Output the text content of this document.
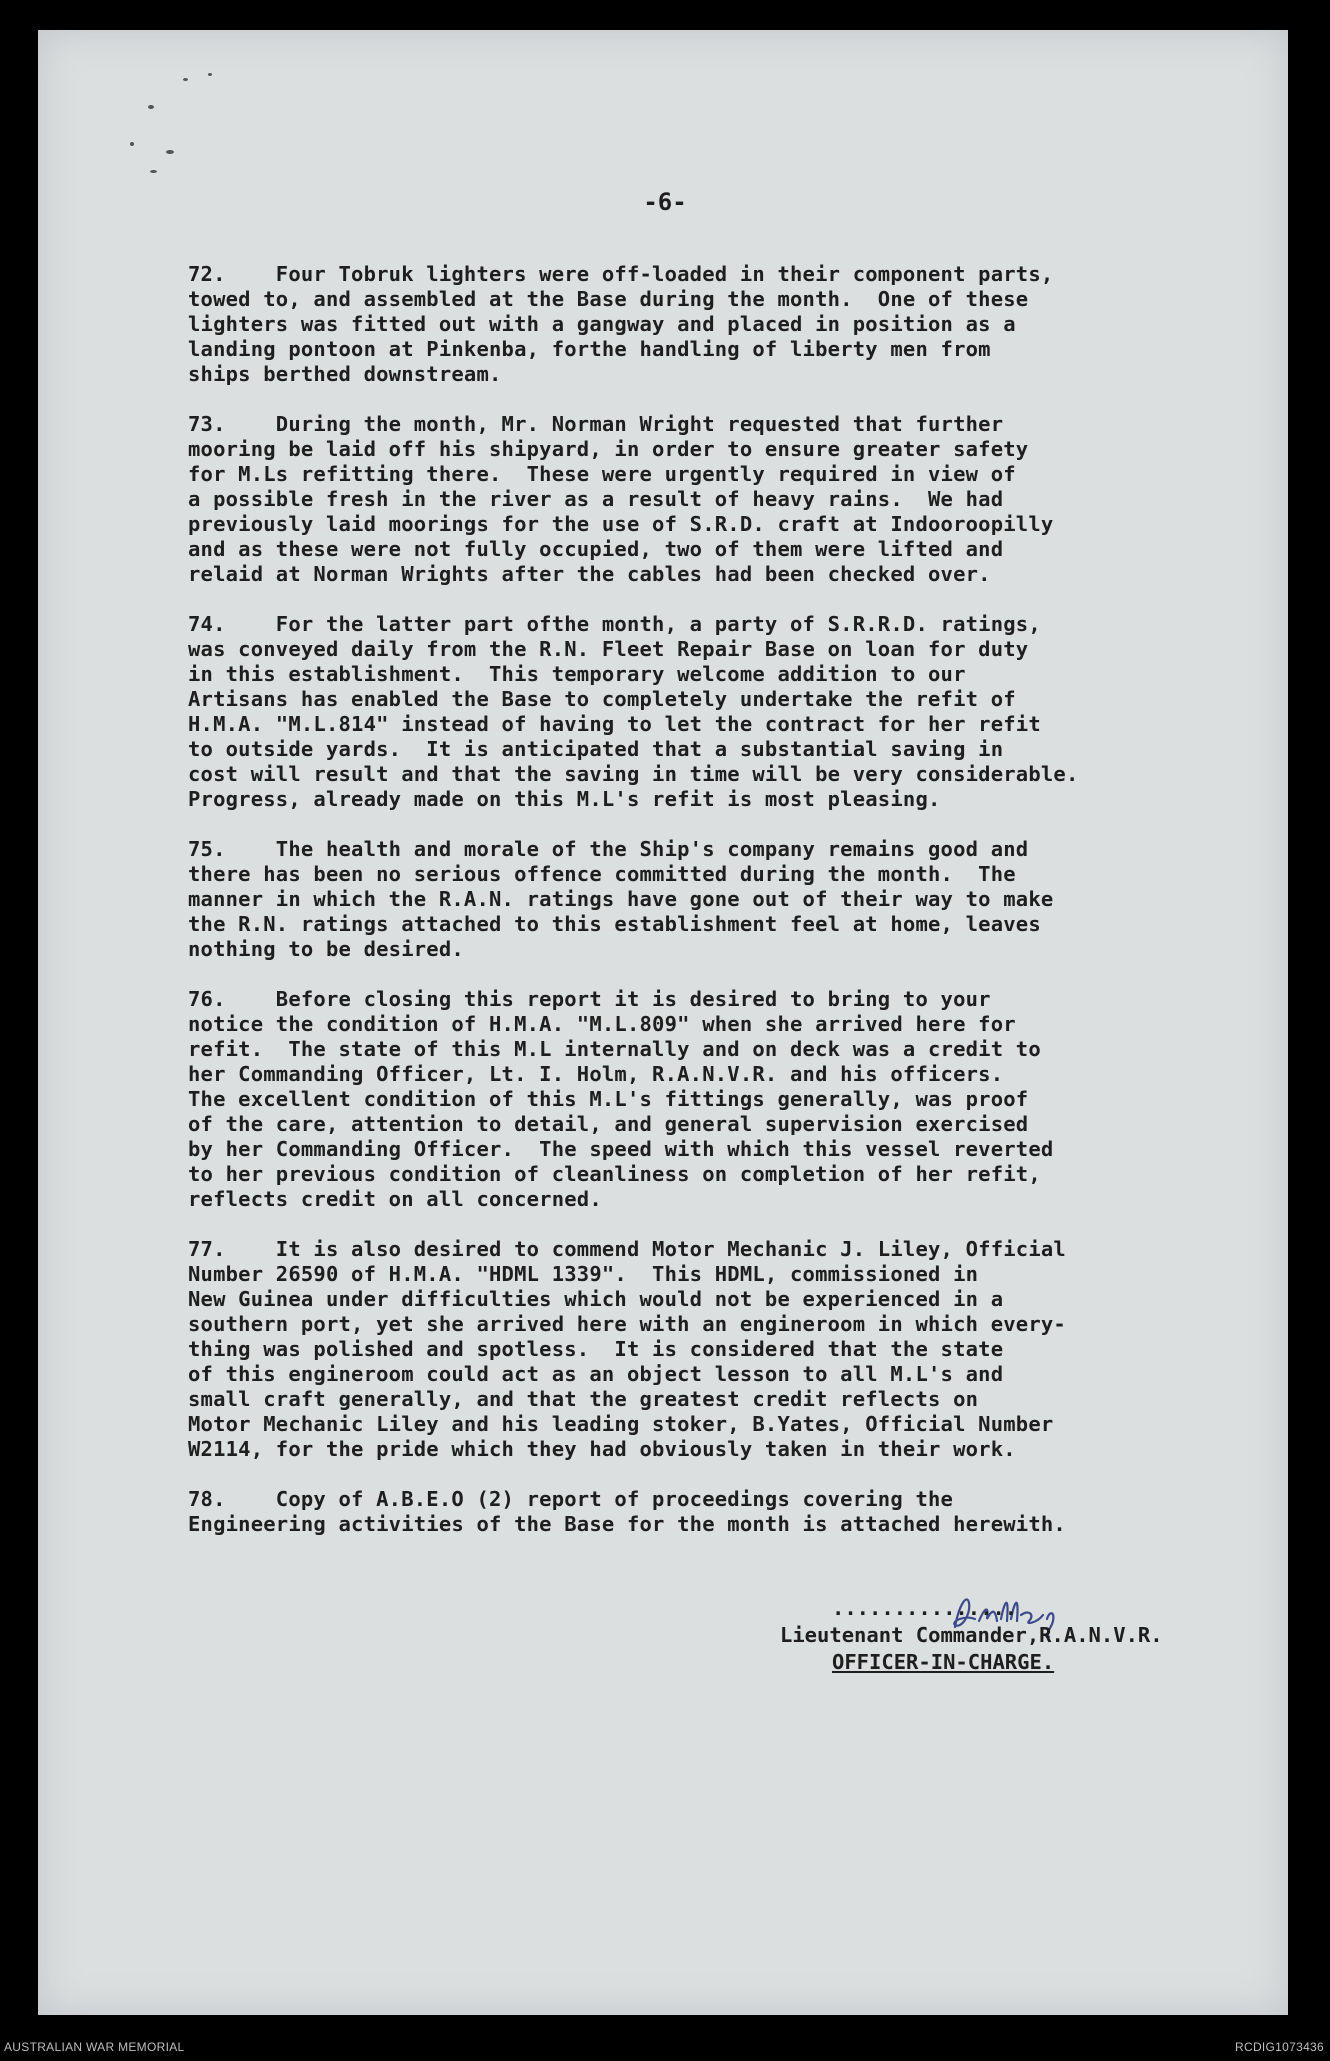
-6-
72.    Four Tobruk lighters were off-loaded in their component parts,
towed to, and assembled at the Base during the month.  One of these
lighters was fitted out with a gangway and placed in position as a
landing pontoon at Pinkenba, forthe handling of liberty men from
ships berthed downstream.
73.    During the month, Mr. Norman Wright requested that further
mooring be laid off his shipyard, in order to ensure greater safety
for M.Ls refitting there.  These were urgently required in view of
a possible fresh in the river as a result of heavy rains.  We had
previously laid moorings for the use of S.R.D. craft at Indooroopilly
and as these were not fully occupied, two of them were lifted and
relaid at Norman Wrights after the cables had been checked over.
74.    For the latter part ofthe month, a party of S.R.R.D. ratings,
was conveyed daily from the R.N. Fleet Repair Base on loan for duty
in this establishment.  This temporary welcome addition to our
Artisans has enabled the Base to completely undertake the refit of
H.M.A. "M.L.814" instead of having to let the contract for her refit
to outside yards.  It is anticipated that a substantial saving in
cost will result and that the saving in time will be very considerable.
Progress, already made on this M.L's refit is most pleasing.
75.    The health and morale of the Ship's company remains good and
there has been no serious offence committed during the month.  The
manner in which the R.A.N. ratings have gone out of their way to make
the R.N. ratings attached to this establishment feel at home, leaves
nothing to be desired.
76.    Before closing this report it is desired to bring to your
notice the condition of H.M.A. "M.L.809" when she arrived here for
refit.  The state of this M.L internally and on deck was a credit to
her Commanding Officer, Lt. I. Holm, R.A.N.V.R. and his officers.
The excellent condition of this M.L's fittings generally, was proof
of the care, attention to detail, and general supervision exercised
by her Commanding Officer.  The speed with which this vessel reverted
to her previous condition of cleanliness on completion of her refit,
reflects credit on all concerned.
77.    It is also desired to commend Motor Mechanic J. Liley, Official
Number 26590 of H.M.A. "HDML 1339".  This HDML, commissioned in
New Guinea under difficulties which would not be experienced in a
southern port, yet she arrived here with an engineroom in which every-
thing was polished and spotless.  It is considered that the state
of this engineroom could act as an object lesson to all M.L's and
small craft generally, and that the greatest credit reflects on
Motor Mechanic Liley and his leading stoker, B.Yates, Official Number
W2114, for the pride which they had obviously taken in their work.
78.    Copy of A.B.E.O (2) report of proceedings covering the
Engineering activities of the Base for the month is attached herewith.
...............
Lieutenant Commander,R.A.N.V.R.
OFFICER-IN-CHARGE.
AUSTRALIAN WAR MEMORIAL	RCDIG1073436
